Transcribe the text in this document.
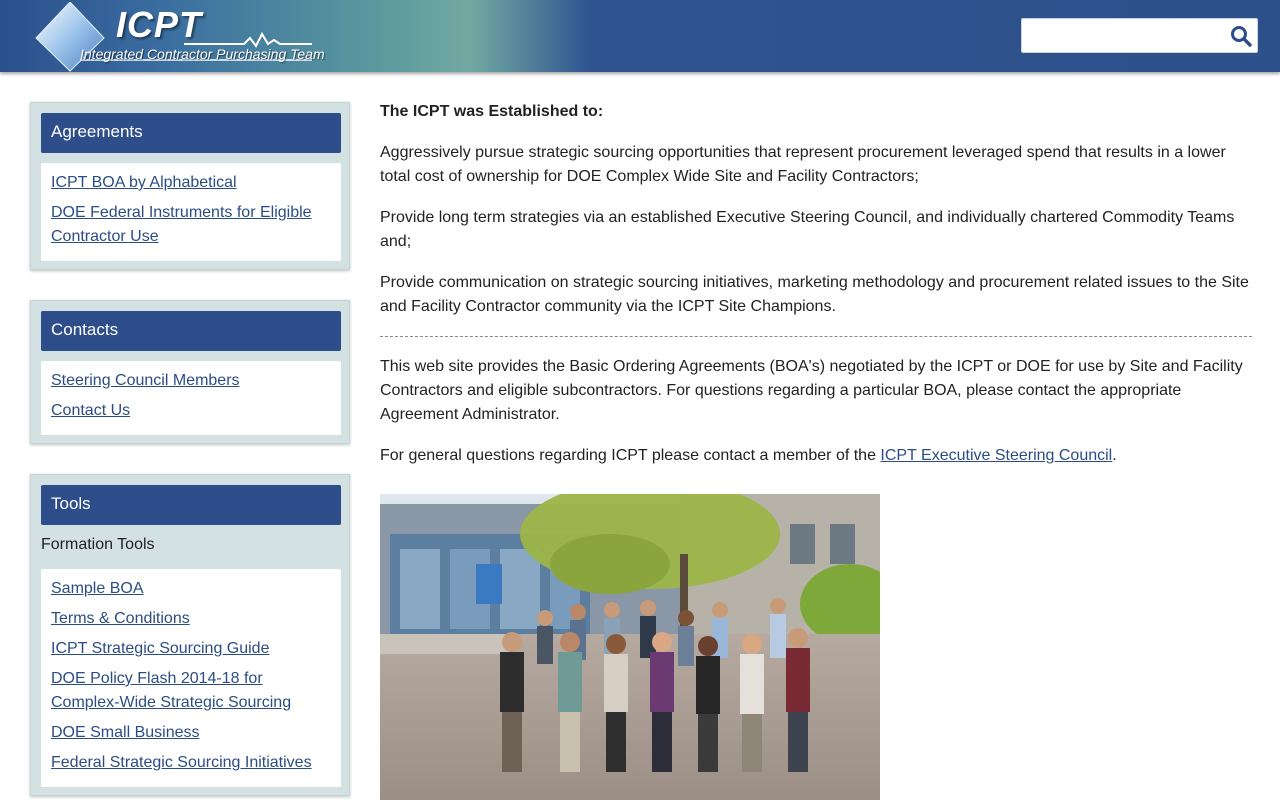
ICPT
Integrated Contractor Purchasing Team
Agreements
ICPT BOA by Alphabetical
DOE Federal Instruments for Eligible Contractor Use
Contacts
Steering Council Members
Contact Us
Tools
Formation Tools
Sample BOA
Terms & Conditions
ICPT Strategic Sourcing Guide
DOE Policy Flash 2014-18 for Complex-Wide Strategic Sourcing
DOE Small Business
Federal Strategic Sourcing Initiatives
The ICPT was Established to:

Aggressively pursue strategic sourcing opportunities that represent procurement leveraged spend that results in a lower total cost of ownership for DOE Complex Wide Site and Facility Contractors;

Provide long term strategies via an established Executive Steering Council, and individually chartered Commodity Teams and;

Provide communication on strategic sourcing initiatives, marketing methodology and procurement related issues to the Site and Facility Contractor community via the ICPT Site Champions.

This web site provides the Basic Ordering Agreements (BOA's) negotiated by the ICPT or DOE for use by Site and Facility Contractors and eligible subcontractors. For questions regarding a particular BOA, please contact the appropriate Agreement Administrator.

For general questions regarding ICPT please contact a member of the ICPT Executive Steering Council.
